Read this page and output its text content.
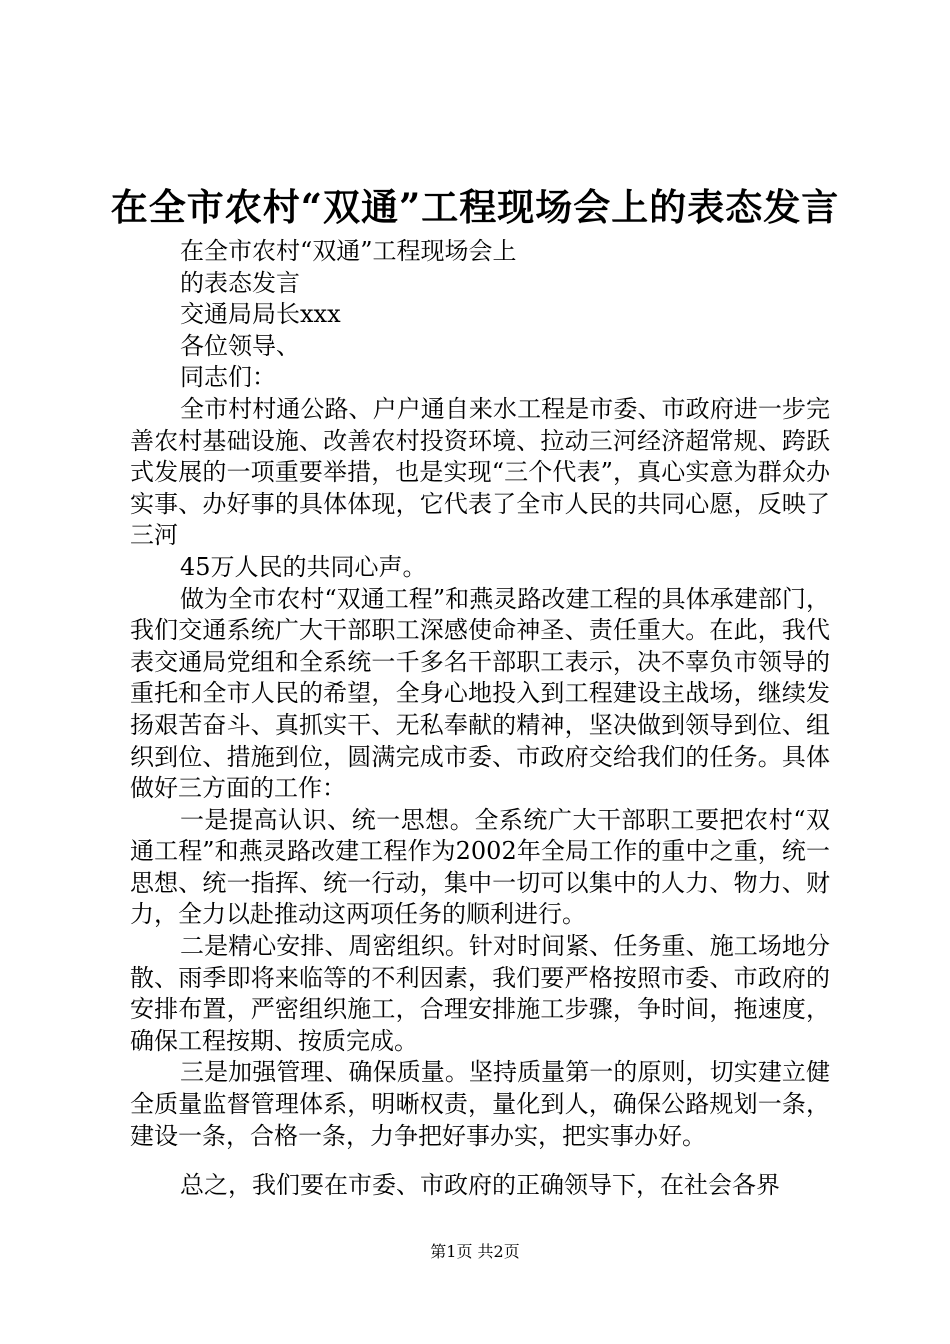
在全市农村“双通”工程现场会上的表态发言
在全市农村“双通”工程现场会上
的表态发言
交通局局长xxx
各位领导、
同志们：

全市村村通公路、户户通自来水工程是市委、市政府进一步完善农村基础设施、改善农村投资环境、拉动三河经济超常规、跨跃式发展的一项重要举措，也是实现“三个代表”，真心实意为群众办实事、办好事的具体体现，它代表了全市人民的共同心愿，反映了三河

45万人民的共同心声。

做为全市农村“双通工程”和燕灵路改建工程的具体承建部门，我们交通系统广大干部职工深感使命神圣、责任重大。在此，我代表交通局党组和全系统一千多名干部职工表示，决不辜负市领导的重托和全市人民的希望，全身心地投入到工程建设主战场，继续发扬艰苦奋斗、真抓实干、无私奉献的精神，坚决做到领导到位、组织到位、措施到位，圆满完成市委、市政府交给我们的任务。具体做好三方面的工作：

一是提高认识、统一思想。全系统广大干部职工要把农村“双通工程”和燕灵路改建工程作为2002年全局工作的重中之重，统一思想、统一指挥、统一行动，集中一切可以集中的人力、物力、财力，全力以赴推动这两项任务的顺利进行。

二是精心安排、周密组织。针对时间紧、任务重、施工场地分散、雨季即将来临等的不利因素，我们要严格按照市委、市政府的安排布置，严密组织施工，合理安排施工步骤，争时间，拖速度，确保工程按期、按质完成。

三是加强管理、确保质量。坚持质量第一的原则，切实建立健全质量监督管理体系，明晰权责，量化到人，确保公路规划一条，建设一条，合格一条，力争把好事办实，把实事办好。

总之，我们要在市委、市政府的正确领导下，在社会各界

第1页 共2页
